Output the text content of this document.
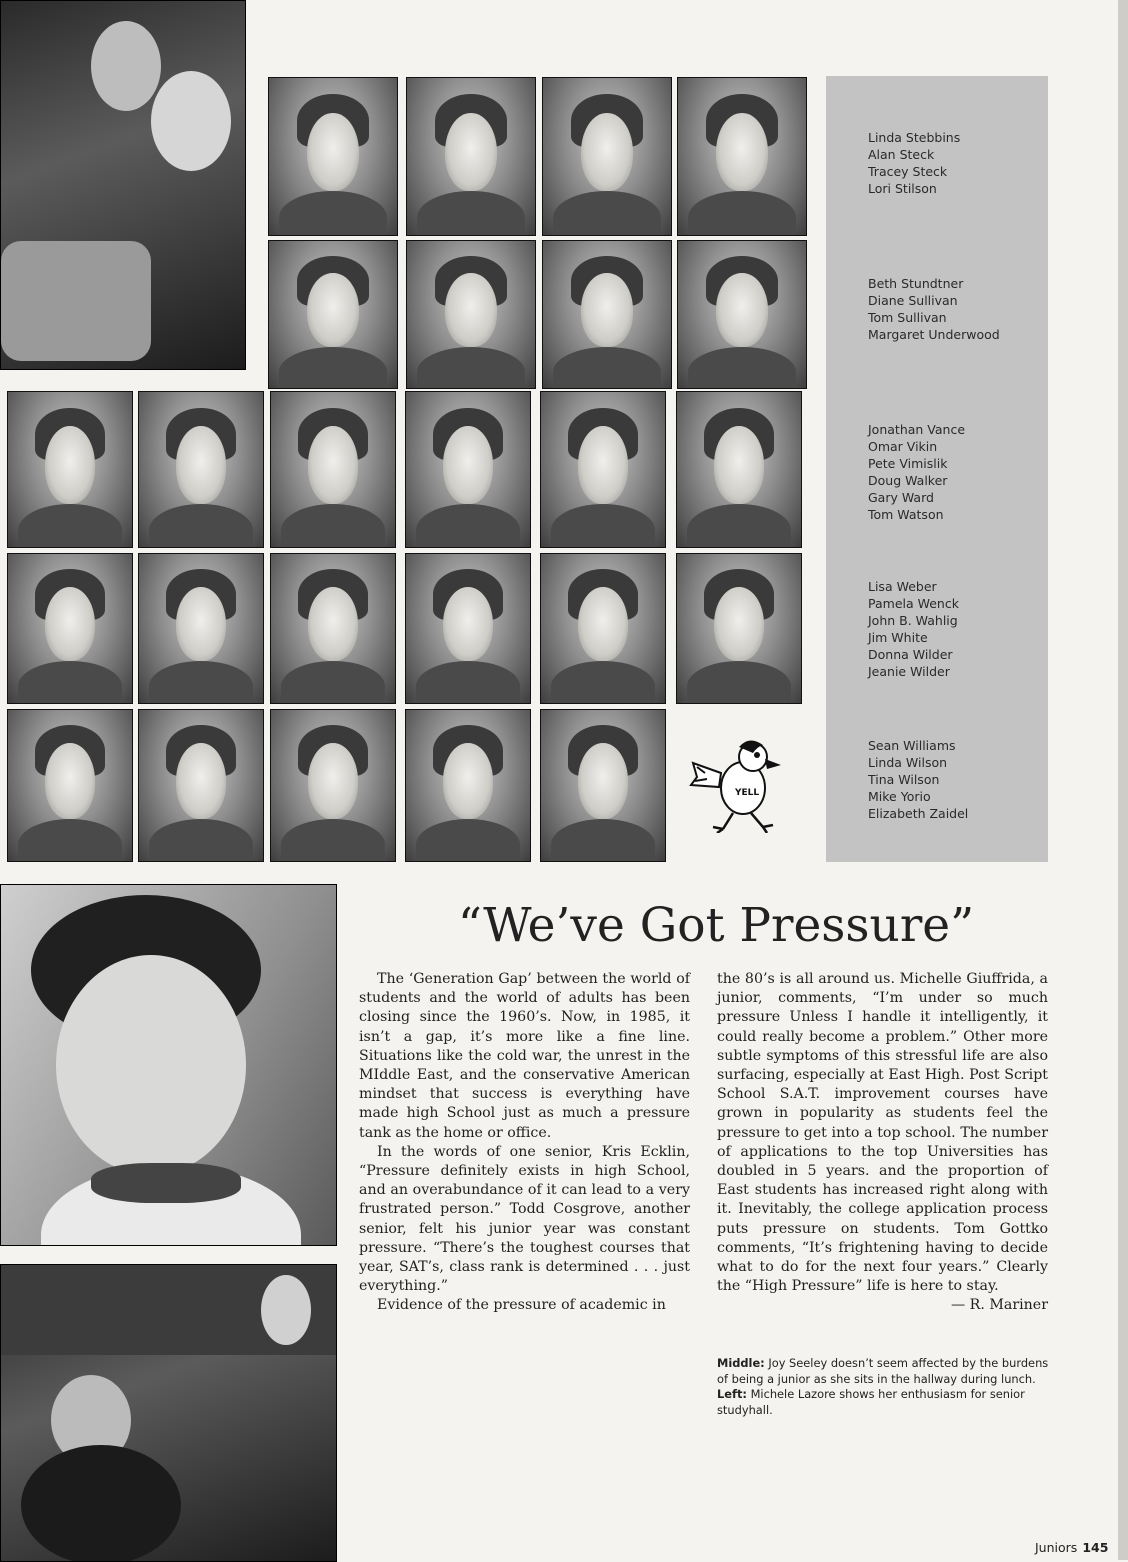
Linda Stebbins
Alan Steck
Tracey Steck
Lori Stilson
Beth Stundtner
Diane Sullivan
Tom Sullivan
Margaret Underwood
Jonathan Vance
Omar Vikin
Pete Vimislik
Doug Walker
Gary Ward
Tom Watson
Lisa Weber
Pamela Wenck
John B. Wahlig
Jim White
Donna Wilder
Jeanie Wilder
Sean Williams
Linda Wilson
Tina Wilson
Mike Yorio
Elizabeth Zaidel
YELL
“We’ve Got Pressure”

The ‘Generation Gap’ between the world of students and the world of adults has been closing since the 1960’s. Now, in 1985, it isn’t a gap, it’s more like a fine line. Situations like the cold war, the unrest in the MIddle East, and the conservative American mindset that success is everything have made high School just as much a pressure tank as the home or office.

In the words of one senior, Kris Ecklin, “Pressure definitely exists in high School, and an overabundance of it can lead to a very frustrated person.” Todd Cosgrove, another senior, felt his junior year was constant pressure. “There’s the toughest courses that year, SAT’s, class rank is determined . . . just everything.”

Evidence of the pressure of academic in

the 80’s is all around us. Michelle Giuffrida, a junior, comments, “I’m under so much pressure Unless I handle it intelligently, it could really become a problem.” Other more subtle symptoms of this stressful life are also surfacing, especially at East High. Post Script School S.A.T. improvement courses have grown in popularity as students feel the pressure to get into a top school. The number of applications to the top Universities has doubled in 5 years. and the proportion of East students has increased right along with it. Inevitably, the college application process puts pressure on students. Tom Gottko comments, “It’s frightening having to decide what to do for the next four years.” Clearly the “High Pressure” life is here to stay.

— R. Mariner
Middle: Joy Seeley doesn’t seem affected by the burdens of being a junior as she sits in the hallway during lunch.
Left: Michele Lazore shows her enthusiasm for senior studyhall.
Juniors 145
